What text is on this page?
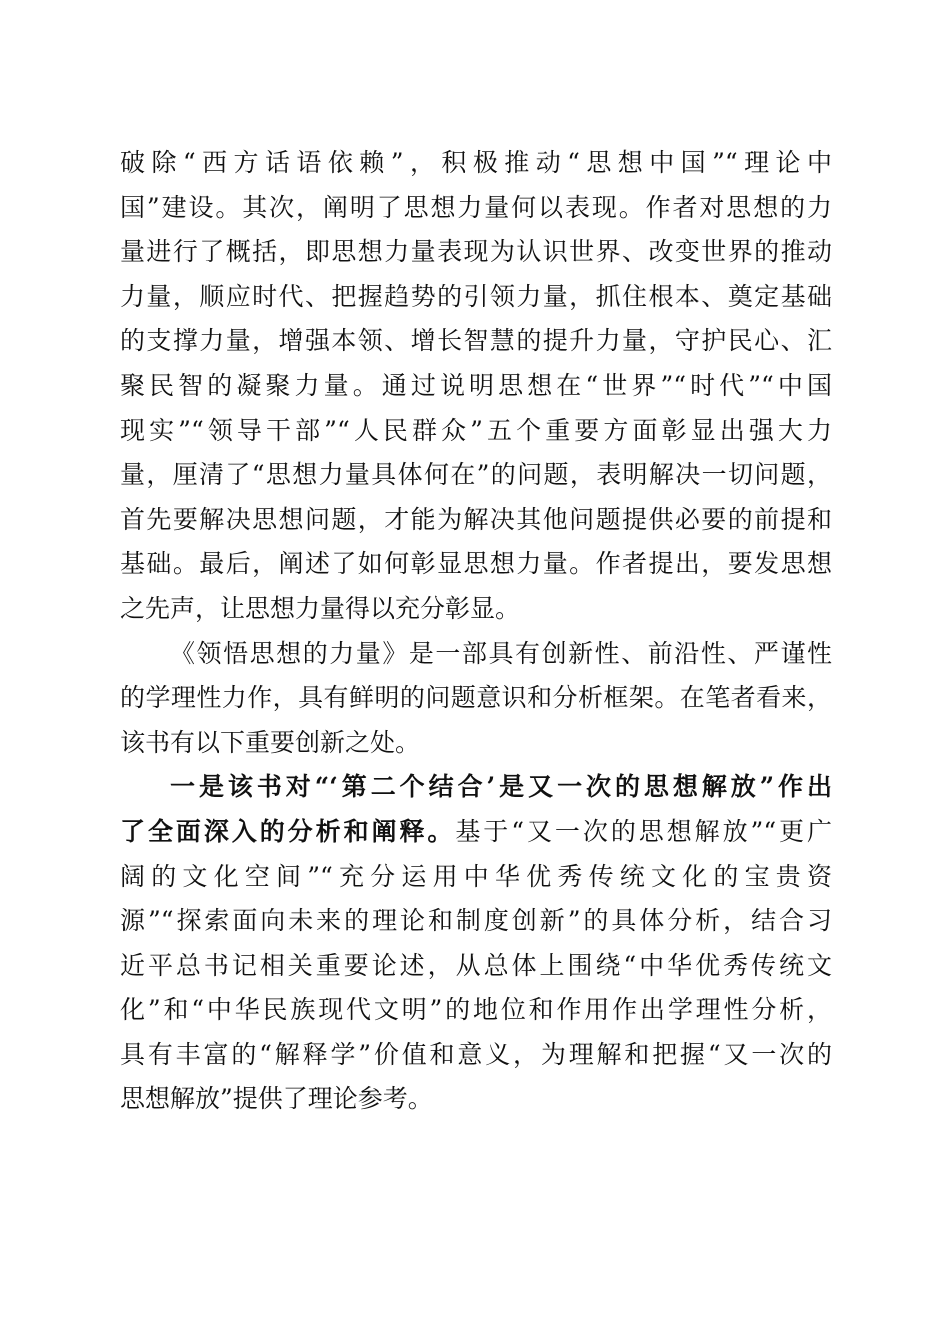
破除“西方话语依赖”，积极推动“思想中国”“理论中
国”建设。其次，阐明了思想力量何以表现。作者对思想的力
量进行了概括，即思想力量表现为认识世界、改变世界的推动
力量，顺应时代、把握趋势的引领力量，抓住根本、奠定基础
的支撑力量，增强本领、增长智慧的提升力量，守护民心、汇
聚民智的凝聚力量。通过说明思想在“世界”“时代”“中国
现实”“领导干部”“人民群众”五个重要方面彰显出强大力
量，厘清了“思想力量具体何在”的问题，表明解决一切问题，
首先要解决思想问题，才能为解决其他问题提供必要的前提和
基础。最后，阐述了如何彰显思想力量。作者提出，要发思想
之先声，让思想力量得以充分彰显。
《领悟思想的力量》是一部具有创新性、前沿性、严谨性
的学理性力作，具有鲜明的问题意识和分析框架。在笔者看来，
该书有以下重要创新之处。
一是该书对“‘第二个结合’是又一次的思想解放”作出
了全面深入的分析和阐释。基于“又一次的思想解放”“更广
阔的文化空间”“充分运用中华优秀传统文化的宝贵资
源”“探索面向未来的理论和制度创新”的具体分析，结合习
近平总书记相关重要论述，从总体上围绕“中华优秀传统文
化”和“中华民族现代文明”的地位和作用作出学理性分析，
具有丰富的“解释学”价值和意义，为理解和把握“又一次的
思想解放”提供了理论参考。
